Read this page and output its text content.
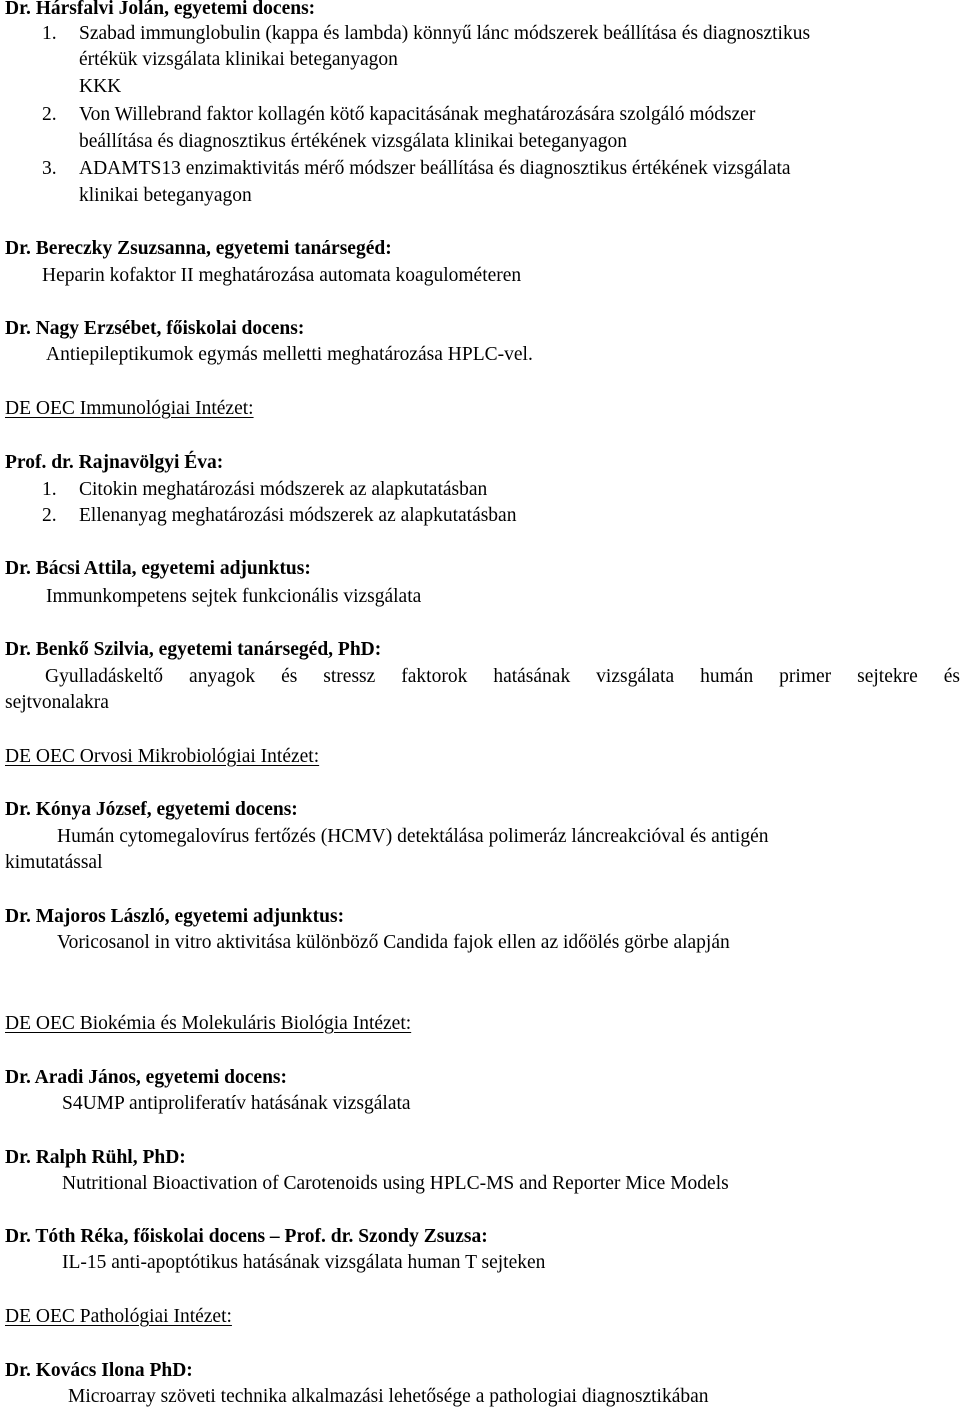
Dr. Hársfalvi Jolán, egyetemi docens:
1. Szabad immunglobulin (kappa és lambda) könnyű lánc módszerek beállítása és diagnosztikus
értékük vizsgálata klinikai beteganyagon
KKK
2. Von Willebrand faktor kollagén kötő kapacitásának meghatározására szolgáló módszer
beállítása és diagnosztikus értékének vizsgálata klinikai beteganyagon
3. ADAMTS13 enzimaktivitás mérő módszer beállítása és diagnosztikus értékének vizsgálata
klinikai beteganyagon
Dr. Bereczky Zsuzsanna, egyetemi tanársegéd:
Heparin kofaktor II meghatározása automata koagulométeren
Dr. Nagy Erzsébet, főiskolai docens:
Antiepileptikumok egymás melletti meghatározása HPLC-vel.
DE OEC Immunológiai Intézet:
Prof. dr. Rajnavölgyi Éva:
1. Citokin meghatározási módszerek az alapkutatásban
2. Ellenanyag meghatározási módszerek az alapkutatásban
Dr. Bácsi Attila, egyetemi adjunktus:
Immunkompetens sejtek funkcionális vizsgálata
Dr. Benkő Szilvia, egyetemi tanársegéd, PhD:
Gyulladáskeltő anyagok és stressz faktorok hatásának vizsgálata humán primer sejtekre és
sejtvonalakra
DE OEC Orvosi Mikrobiológiai Intézet:
Dr. Kónya József, egyetemi docens:
Humán cytomegalovírus fertőzés (HCMV) detektálása polimeráz láncreakcióval és antigén
kimutatással
Dr. Majoros László, egyetemi adjunktus:
Voricosanol in vitro aktivitása különböző Candida fajok ellen az időölés görbe alapján
DE OEC Biokémia és Molekuláris Biológia Intézet:
Dr. Aradi János, egyetemi docens:
S4UMP antiproliferatív hatásának vizsgálata
Dr. Ralph Rühl, PhD:
Nutritional Bioactivation of Carotenoids using HPLC-MS and Reporter Mice Models
Dr. Tóth Réka, főiskolai docens – Prof. dr. Szondy Zsuzsa:
IL-15 anti-apoptótikus hatásának vizsgálata human T sejteken
DE OEC Pathológiai Intézet:
Dr. Kovács Ilona PhD:
Microarray szöveti technika alkalmazási lehetősége a pathologiai diagnosztikában
